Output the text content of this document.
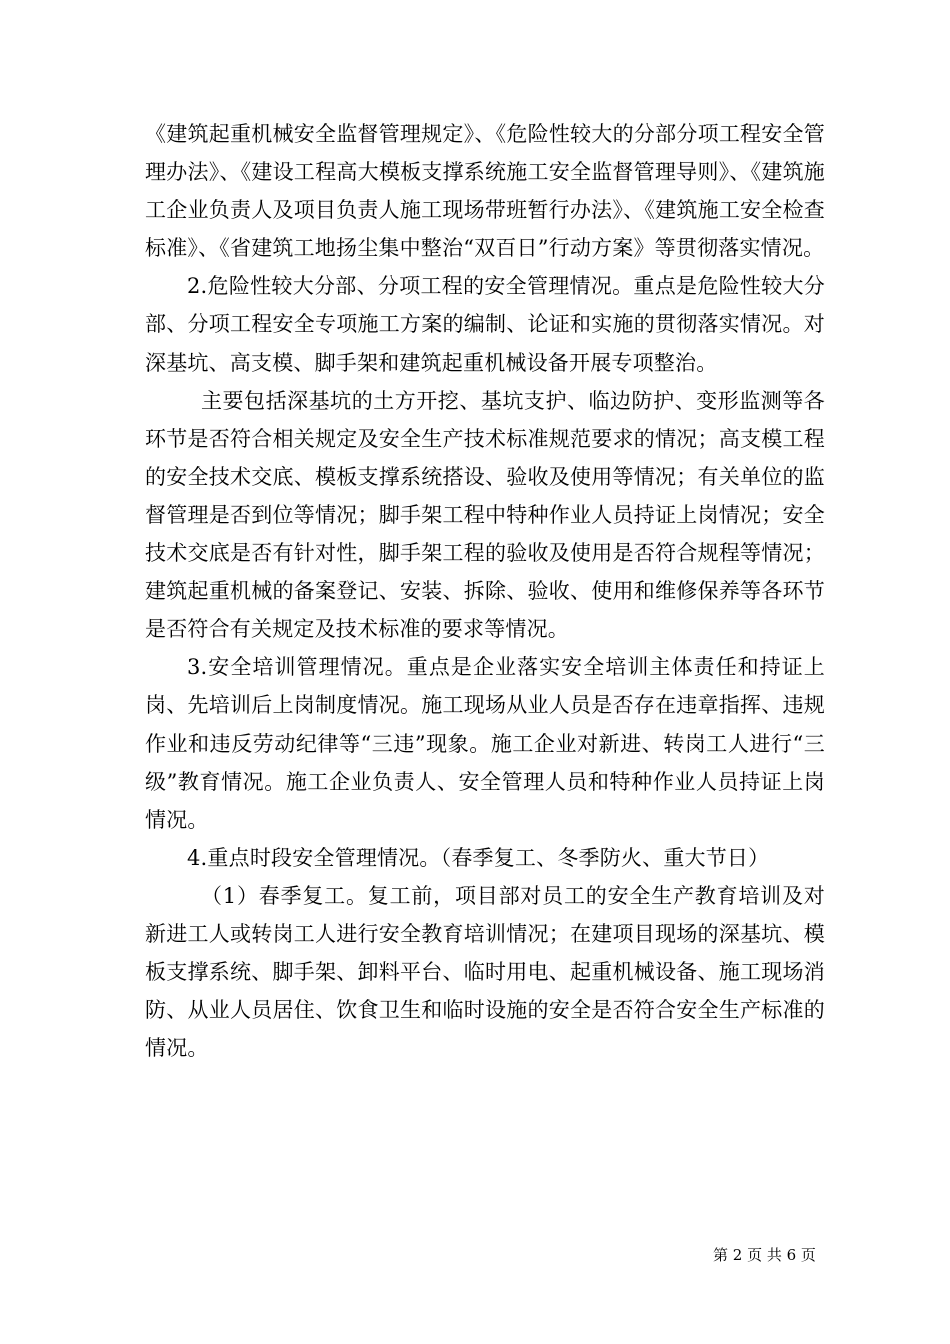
《建筑起重机械安全监督管理规定》、《危险性较大的分部分项工程安全管理办法》、《建设工程高大模板支撑系统施工安全监督管理导则》、《建筑施工企业负责人及项目负责人施工现场带班暂行办法》、《建筑施工安全检查标准》、《省建筑工地扬尘集中整治“双百日”行动方案》等贯彻落实情况。

2.危险性较大分部、分项工程的安全管理情况。重点是危险性较大分部、分项工程安全专项施工方案的编制、论证和实施的贯彻落实情况。对深基坑、高支模、脚手架和建筑起重机械设备开展专项整治。

主要包括深基坑的土方开挖、基坑支护、临边防护、变形监测等各环节是否符合相关规定及安全生产技术标准规范要求的情况；高支模工程的安全技术交底、模板支撑系统搭设、验收及使用等情况；有关单位的监督管理是否到位等情况；脚手架工程中特种作业人员持证上岗情况；安全技术交底是否有针对性，脚手架工程的验收及使用是否符合规程等情况；建筑起重机械的备案登记、安装、拆除、验收、使用和维修保养等各环节是否符合有关规定及技术标准的要求等情况。

3.安全培训管理情况。重点是企业落实安全培训主体责任和持证上岗、先培训后上岗制度情况。施工现场从业人员是否存在违章指挥、违规作业和违反劳动纪律等“三违”现象。施工企业对新进、转岗工人进行“三级”教育情况。施工企业负责人、安全管理人员和特种作业人员持证上岗情况。

4.重点时段安全管理情况。（春季复工、冬季防火、重大节日）

（1）春季复工。复工前，项目部对员工的安全生产教育培训及对新进工人或转岗工人进行安全教育培训情况；在建项目现场的深基坑、模板支撑系统、脚手架、卸料平台、临时用电、起重机械设备、施工现场消防、从业人员居住、饮食卫生和临时设施的安全是否符合安全生产标准的情况。

第 2 页 共 6 页
